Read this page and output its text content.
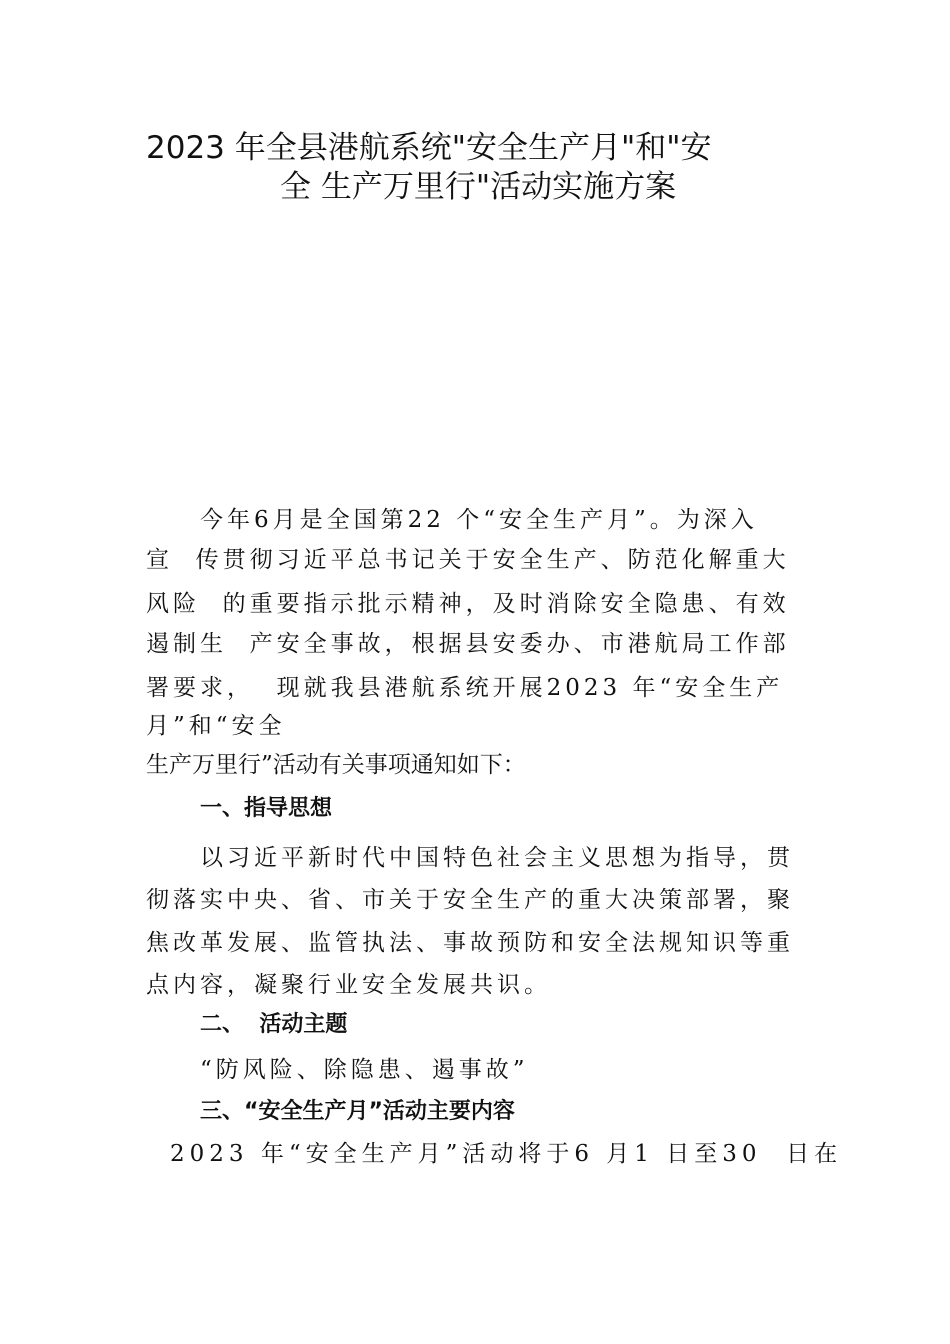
2023 年全县港航系统"安全生产月"和"安
全 生产万里行"活动实施方案
今年6月是全国第22 个“安全生产月”。为深入
宣  传贯彻习近平总书记关于安全生产、防范化解重大
风险  的重要指示批示精神，及时消除安全隐患、有效
遏制生  产安全事故，根据县安委办、市港航局工作部
署要求，  现就我县港航系统开展2023 年“安全生产
月”和“安全
生产万里行”活动有关事项通知如下：
一、指导思想
以习近平新时代中国特色社会主义思想为指导，贯
彻落实中央、省、市关于安全生产的重大决策部署，聚
焦改革发展、监管执法、事故预防和安全法规知识等重
点内容，凝聚行业安全发展共识。
二、  活动主题
“防风险、除隐患、遏事故”
三、“安全生产月”活动主要内容
2023 年“安全生产月”活动将于6 月1 日至30  日在
